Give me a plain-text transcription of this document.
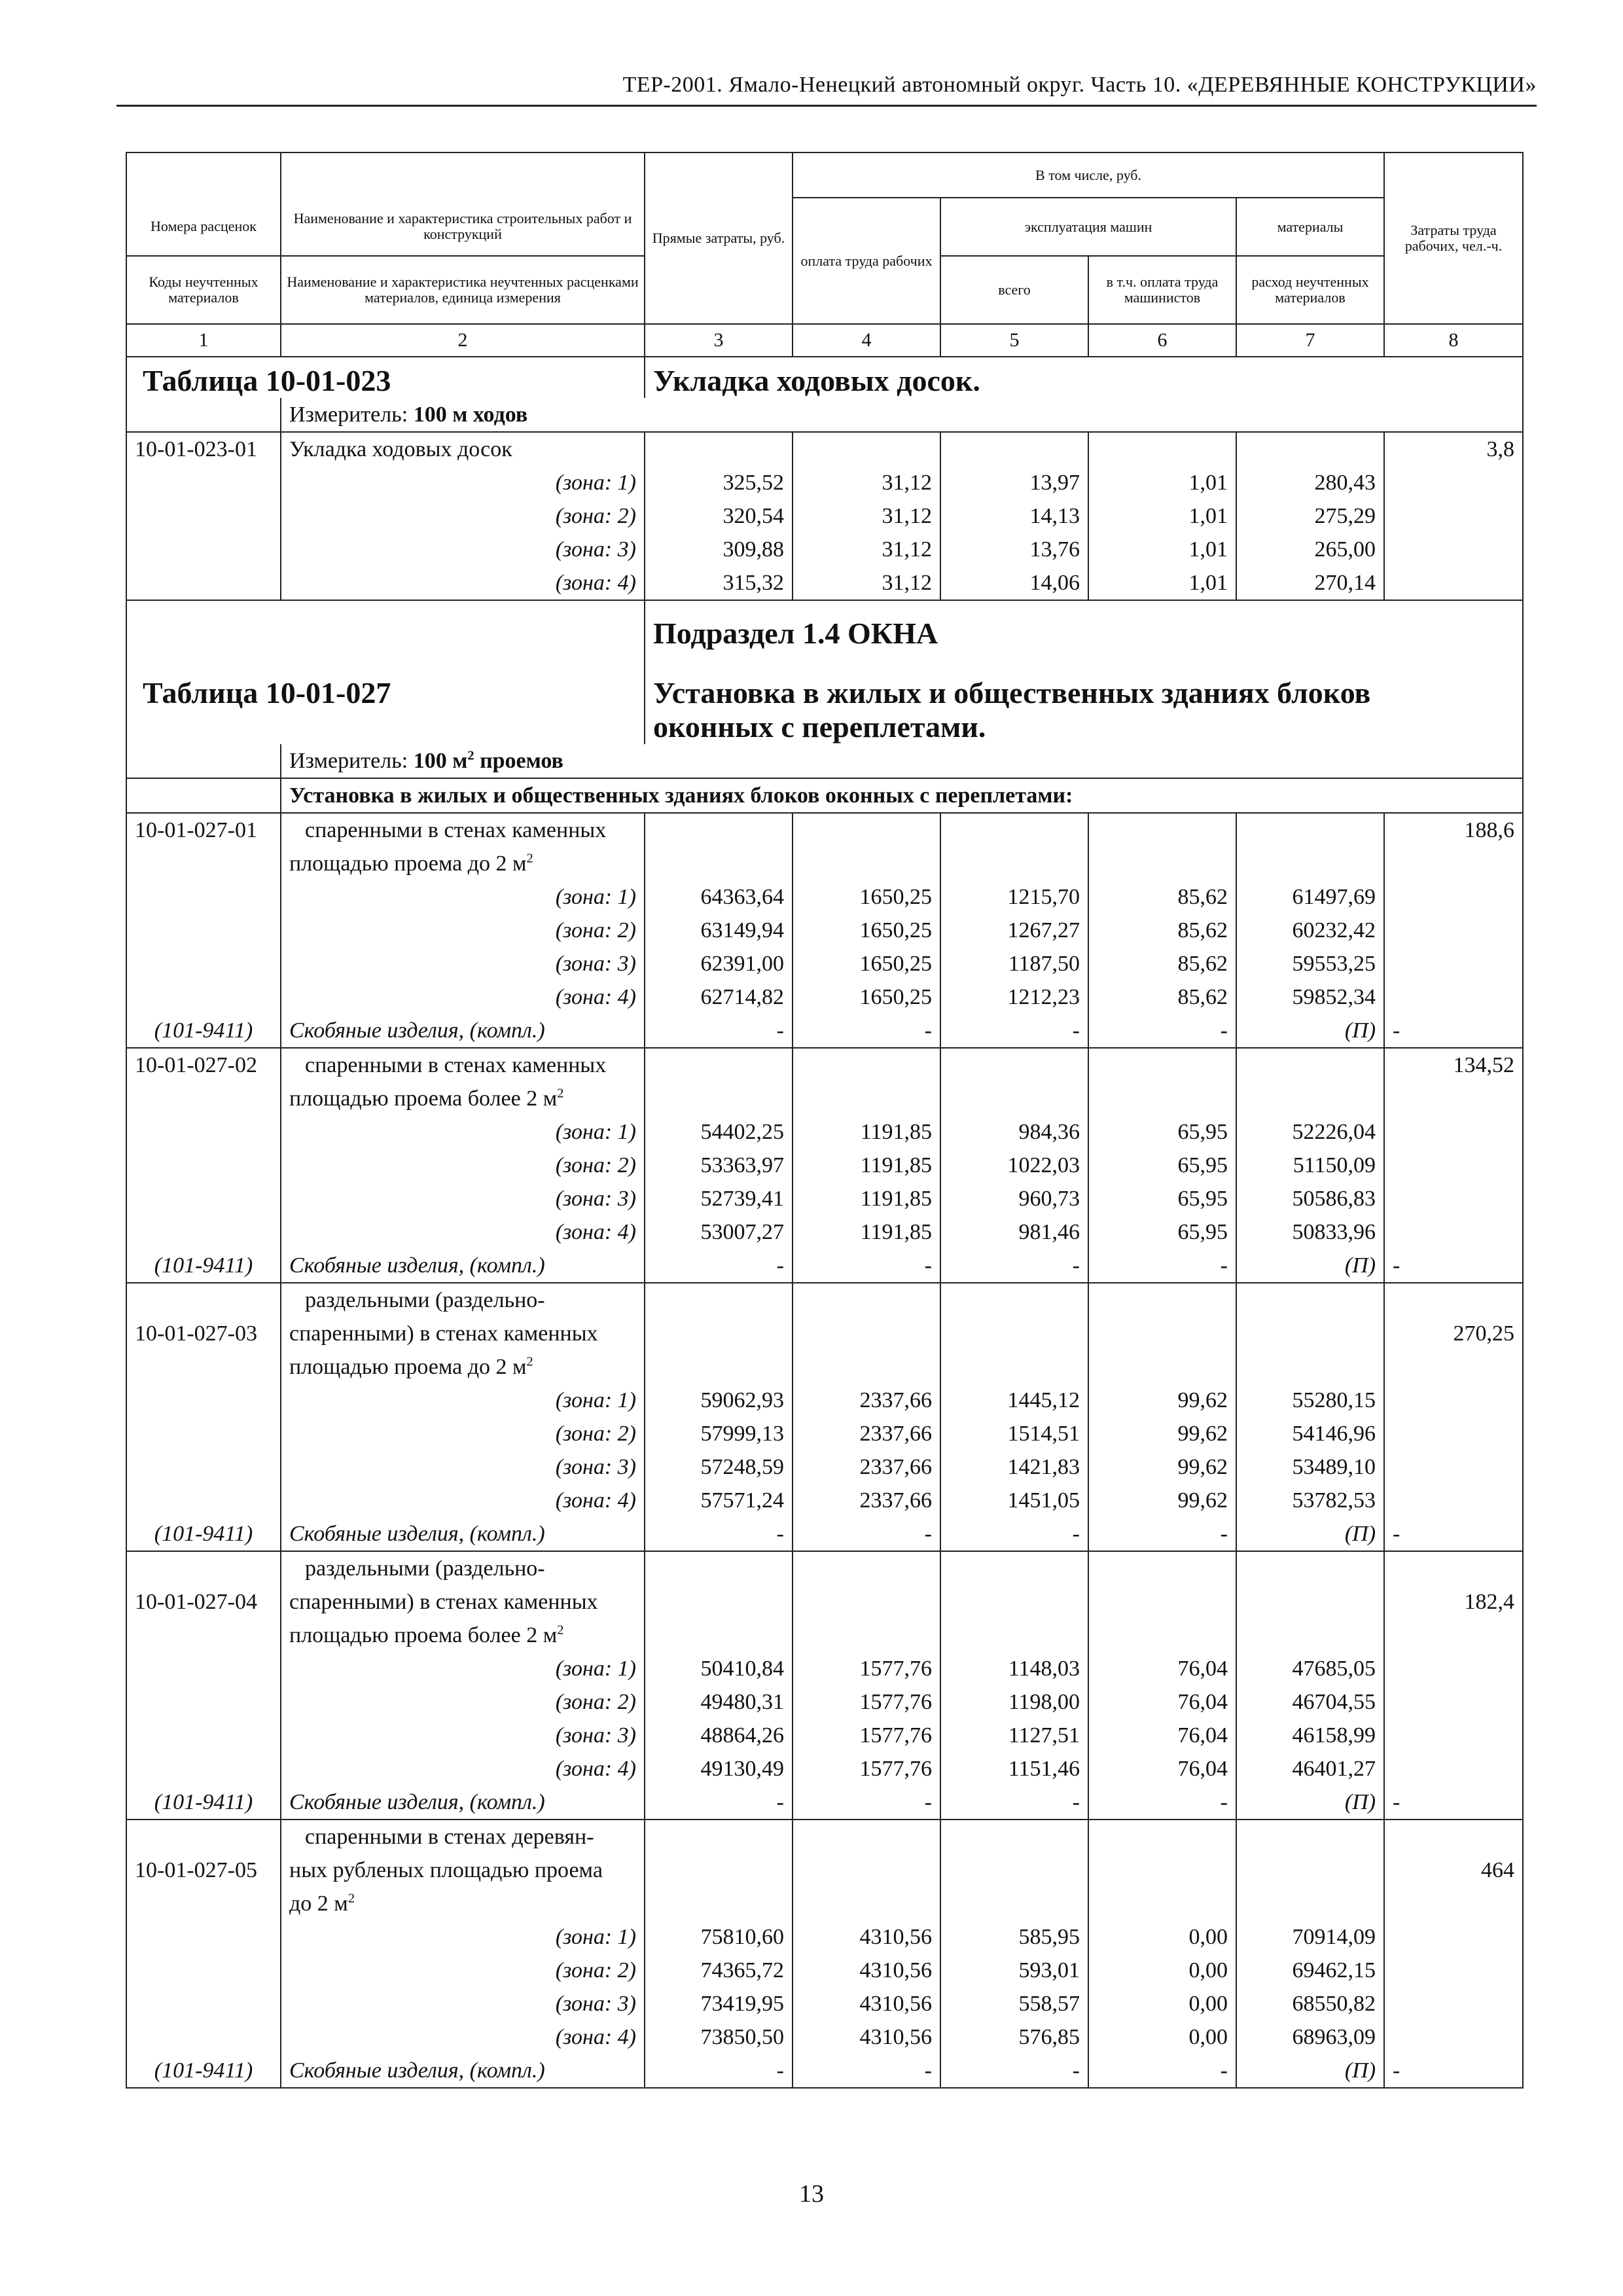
ТЕР-2001. Ямало-Ненецкий автономный округ. Часть 10. «ДЕРЕВЯННЫЕ КОНСТРУКЦИИ»
		Прямые затраты, руб.	В том числе, руб.				Затраты труда рабочих, чел.-ч.
Номера расценок	Наименование и характеристика строительных работ и конструкций		оплата труда рабочих	эксплуатация машин		материалы	
Коды неучтенных материалов	Наименование и характеристика неучтенных расценками материалов, единица измерения			всего	в т.ч. оплата труда машинистов	расход неучтенных материалов	
1	2	3	4	5	6	7	8

Таблица 10-01-023		Укладка ходовых досок.					

	Измеритель: 100 м ходов						
10-01-023-01	Укладка ходовых досок						3,8
	(зона: 1)	325,52	31,12	13,97	1,01	280,43	
	(зона: 2)	320,54	31,12	14,13	1,01	275,29	
	(зона: 3)	309,88	31,12	13,76	1,01	265,00	
	(зона: 4)	315,32	31,12	14,06	1,01	270,14	
		Подраздел 1.4 ОКНА					

Таблица 10-01-027		Установка в жилых и общественных зданиях блоков оконных с переплетами.					

	Измеритель: 100 $м^2$ проемов						
	Установка в жилых и общественных зданиях блоков оконных с переплетами:						
10-01-027-01	спаренными в стенах каменных						188,6
	площадью проема до 2 $м^2$						
	(зона: 1)	64363,64	1650,25	1215,70	85,62	61497,69	
	(зона: 2)	63149,94	1650,25	1267,27	85,62	60232,42	
	(зона: 3)	62391,00	1650,25	1187,50	85,62	59553,25	
	(зона: 4)	62714,82	1650,25	1212,23	85,62	59852,34	
(101-9411)	Скобяные изделия, (компл.)	-	-	-	-	(П)	-
10-01-027-02	спаренными в стенах каменных						134,52
	площадью проема более 2 $м^2$						
	(зона: 1)	54402,25	1191,85	984,36	65,95	52226,04	
	(зона: 2)	53363,97	1191,85	1022,03	65,95	51150,09	
	(зона: 3)	52739,41	1191,85	960,73	65,95	50586,83	
	(зона: 4)	53007,27	1191,85	981,46	65,95	50833,96	
(101-9411)	Скобяные изделия, (компл.)	-	-	-	-	(П)	-
	раздельными (раздельно-						
10-01-027-03	спаренными) в стенах каменных						270,25
	площадью проема до 2 $м^2$						
	(зона: 1)	59062,93	2337,66	1445,12	99,62	55280,15	
	(зона: 2)	57999,13	2337,66	1514,51	99,62	54146,96	
	(зона: 3)	57248,59	2337,66	1421,83	99,62	53489,10	
	(зона: 4)	57571,24	2337,66	1451,05	99,62	53782,53	
(101-9411)	Скобяные изделия, (компл.)	-	-	-	-	(П)	-
	раздельными (раздельно-						
10-01-027-04	спаренными) в стенах каменных						182,4
	площадью проема более 2 $м^2$						
	(зона: 1)	50410,84	1577,76	1148,03	76,04	47685,05	
	(зона: 2)	49480,31	1577,76	1198,00	76,04	46704,55	
	(зона: 3)	48864,26	1577,76	1127,51	76,04	46158,99	
	(зона: 4)	49130,49	1577,76	1151,46	76,04	46401,27	
(101-9411)	Скобяные изделия, (компл.)	-	-	-	-	(П)	-
	спаренными в стенах деревян-						
10-01-027-05	ных рубленых площадью проема						464
	до 2 $м^2$						
	(зона: 1)	75810,60	4310,56	585,95	0,00	70914,09	
	(зона: 2)	74365,72	4310,56	593,01	0,00	69462,15	
	(зона: 3)	73419,95	4310,56	558,57	0,00	68550,82	
	(зона: 4)	73850,50	4310,56	576,85	0,00	68963,09	
(101-9411)	Скобяные изделия, (компл.)	-	-	-	-	(П)	-
13
